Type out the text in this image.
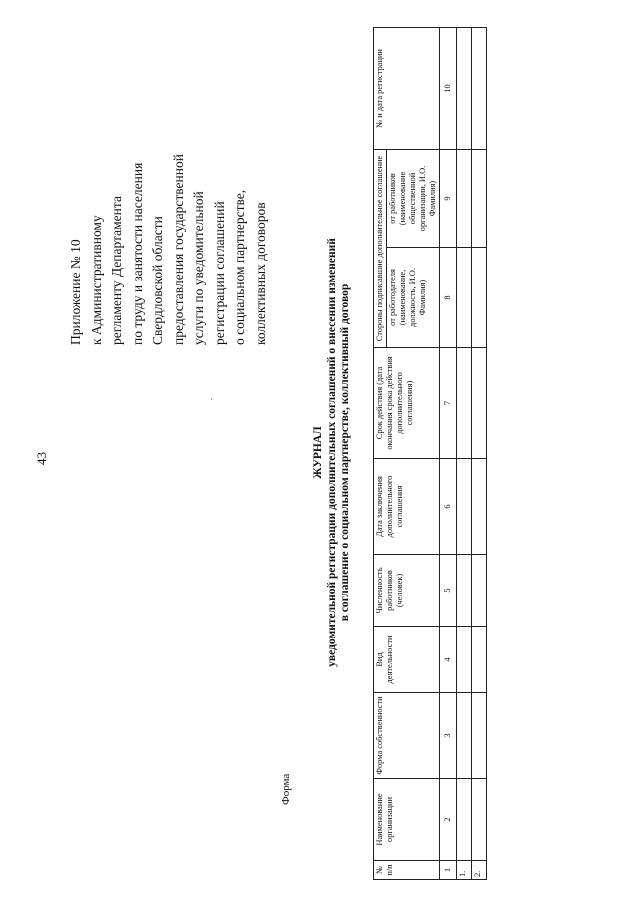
43
Приложение № 10 к Административному регламенту Департамента по труду и занятости населения Свердловской области предоставления государственной услуги по уведомительной регистрации соглашений о социальном партнерстве, коллективных договоров
.
ЖУРНАЛ уведомительной регистрации дополнительных соглашений о внесении изменений в соглашение о социальном партнерстве, коллективный договор
Форма
№ п/п	Наименование организации	Форма собственности	Вид деятельности	Численность работников (человек)	Дата заключения дополнительного соглашения	Срок действия (дата окончания срока действия дополнительного соглашения)	Стороны подписавшие дополнительное соглашение		№ и дата регистрации
							от работодателя (наименование, должность, И.О. Фамилия)	от работников (наименование общественной организации, И.О. Фамилия)	
1	2	3	4	5	6	7	8	9	10
1.									
2.									
